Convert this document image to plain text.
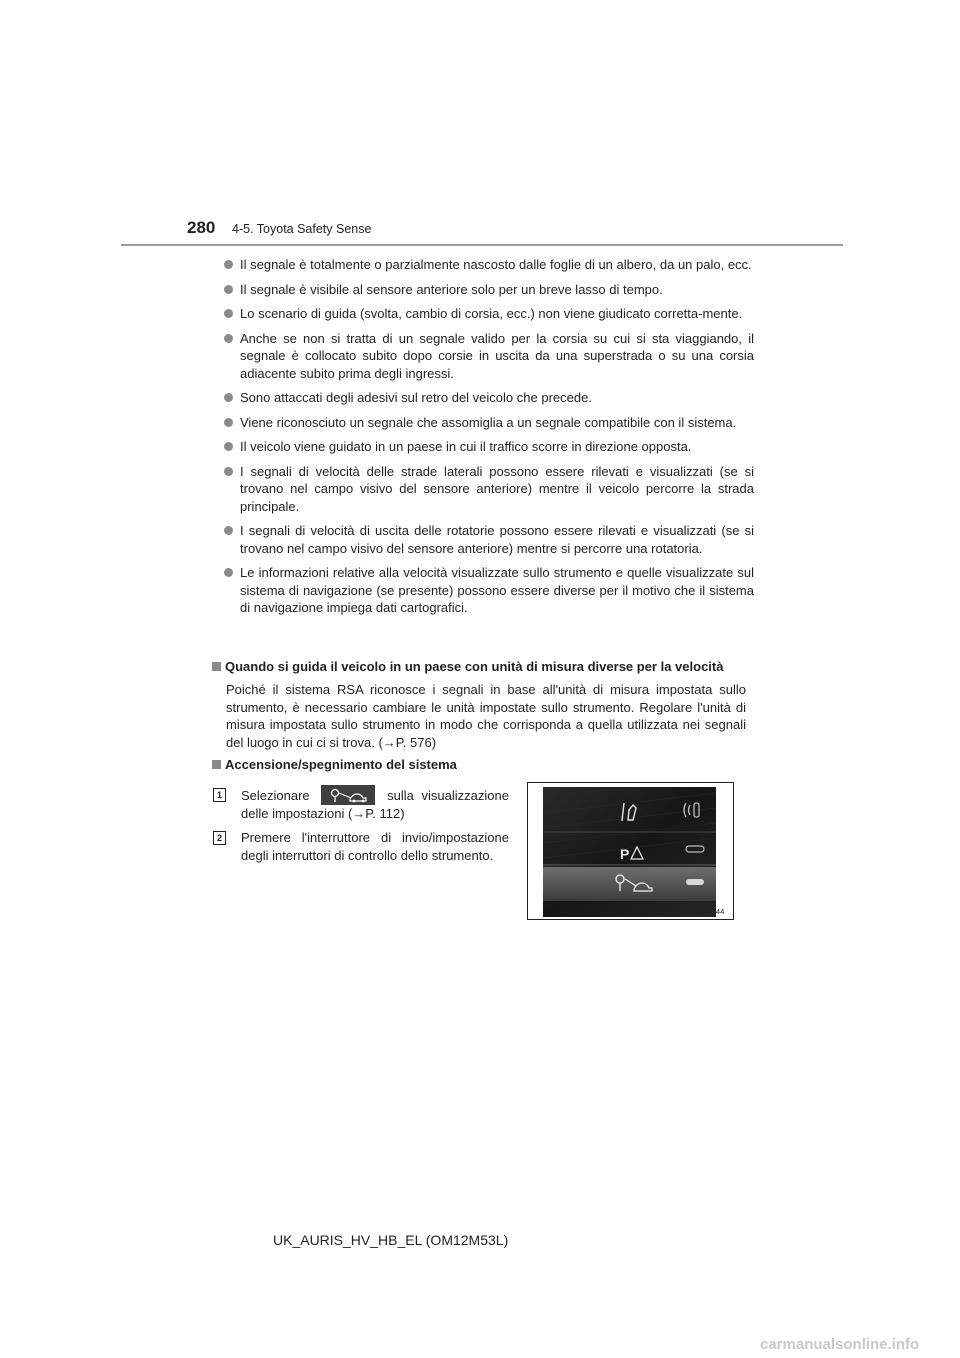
280 4-5. Toyota Safety Sense
Il segnale è totalmente o parzialmente nascosto dalle foglie di un albero, da un palo, ecc.
Il segnale è visibile al sensore anteriore solo per un breve lasso di tempo.
Lo scenario di guida (svolta, cambio di corsia, ecc.) non viene giudicato corretta-mente.
Anche se non si tratta di un segnale valido per la corsia su cui si sta viaggiando, il segnale è collocato subito dopo corsie in uscita da una superstrada o su una corsia adiacente subito prima degli ingressi.
Sono attaccati degli adesivi sul retro del veicolo che precede.
Viene riconosciuto un segnale che assomiglia a un segnale compatibile con il sistema.
Il veicolo viene guidato in un paese in cui il traffico scorre in direzione opposta.
I segnali di velocità delle strade laterali possono essere rilevati e visualizzati (se si trovano nel campo visivo del sensore anteriore) mentre il veicolo percorre la strada principale.
I segnali di velocità di uscita delle rotatorie possono essere rilevati e visualizzati (se si trovano nel campo visivo del sensore anteriore) mentre si percorre una rotatoria.
Le informazioni relative alla velocità visualizzate sullo strumento e quelle visualizzate sul sistema di navigazione (se presente) possono essere diverse per il motivo che il sistema di navigazione impiega dati cartografici.
Quando si guida il veicolo in un paese con unità di misura diverse per la velocità

Poiché il sistema RSA riconosce i segnali in base all'unità di misura impostata sullo strumento, è necessario cambiare le unità impostate sullo strumento. Regolare l'unità di misura impostata sullo strumento in modo che corrisponda a quella utilizzata nei segnali del luogo in cui ci si trova. (→P. 576)

Accensione/spegnimento del sistema
1	Selezionare	sulla visualizzazione delle impostazioni (→P. 112)

2	Premere l'interruttore di invio/impostazione degli interruttori di controllo dello strumento.	P
CTH45AP144
UK_AURIS_HV_HB_EL (OM12M53L)
carmanualsonline.info
